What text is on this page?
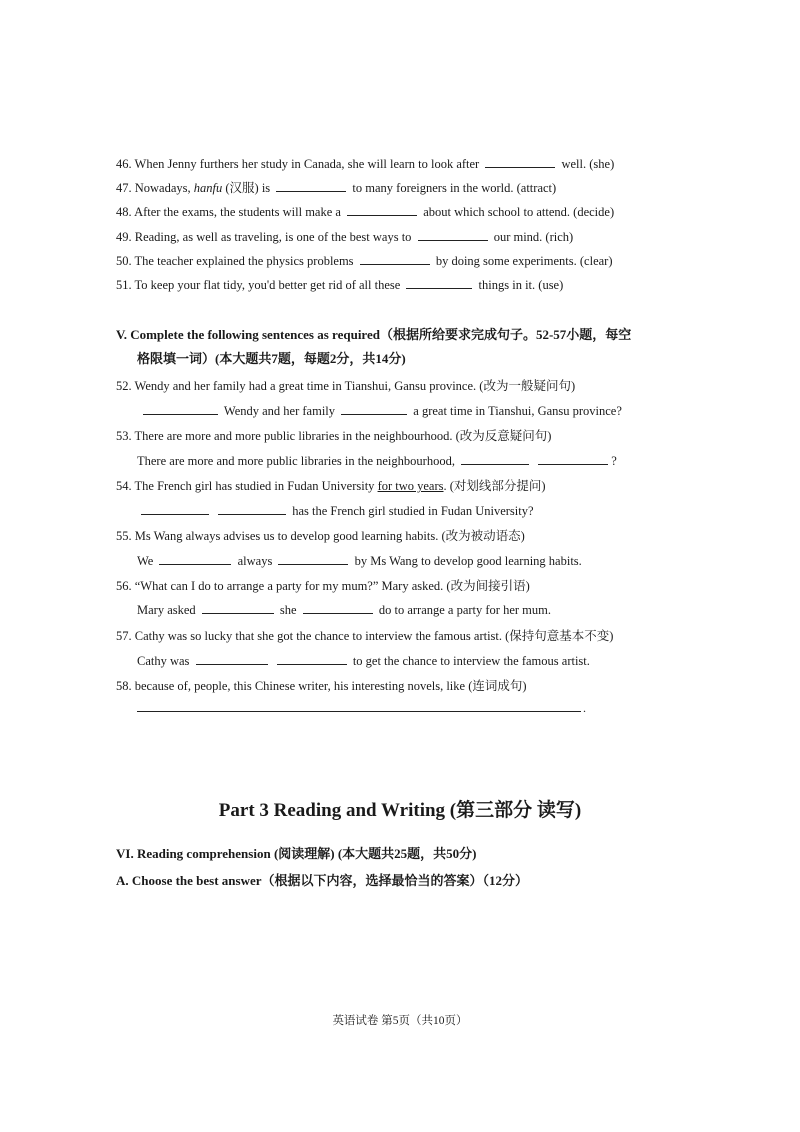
46. When Jenny furthers her study in Canada, she will learn to look after	well. (she)
47. Nowadays, hanfu (汉服) is	to many foreigners in the world. (attract)
48. After the exams, the students will make a	about which school to attend. (decide)
49. Reading, as well as traveling, is one of the best ways to	our mind. (rich)
50. The teacher explained the physics problems	by doing some experiments. (clear)
51. To keep your flat tidy, you'd better get rid of all these	things in it. (use)
V. Complete the following sentences as required（根据所给要求完成句子。52-57小题，每空
格限填一词）(本大题共7题，每题2分，共14分)
52. Wendy and her family had a great time in Tianshui, Gansu province. (改为一般疑问句)
Wendy and her family	a great time in Tianshui, Gansu province?
53. There are more and more public libraries in the neighbourhood. (改为反意疑问句)
There are more and more public libraries in the neighbourhood,	?
54. The French girl has studied in Fudan University for two years. (对划线部分提问)
has the French girl studied in Fudan University?
55. Ms Wang always advises us to develop good learning habits. (改为被动语态)
We	always	by Ms Wang to develop good learning habits.
56. “What can I do to arrange a party for my mum?” Mary asked. (改为间接引语)
Mary asked	she	do to arrange a party for her mum.
57. Cathy was so lucky that she got the chance to interview the famous artist. (保持句意基本不变)
Cathy was	to get the chance to interview the famous artist.
58. because of, people, this Chinese writer, his interesting novels, like (连词成句)
.
Part 3 Reading and Writing (第三部分 读写)
VI. Reading comprehension (阅读理解) (本大题共25题，共50分)
A. Choose the best answer（根据以下内容，选择最恰当的答案）（12分）
英语试卷 第5页（共10页）
